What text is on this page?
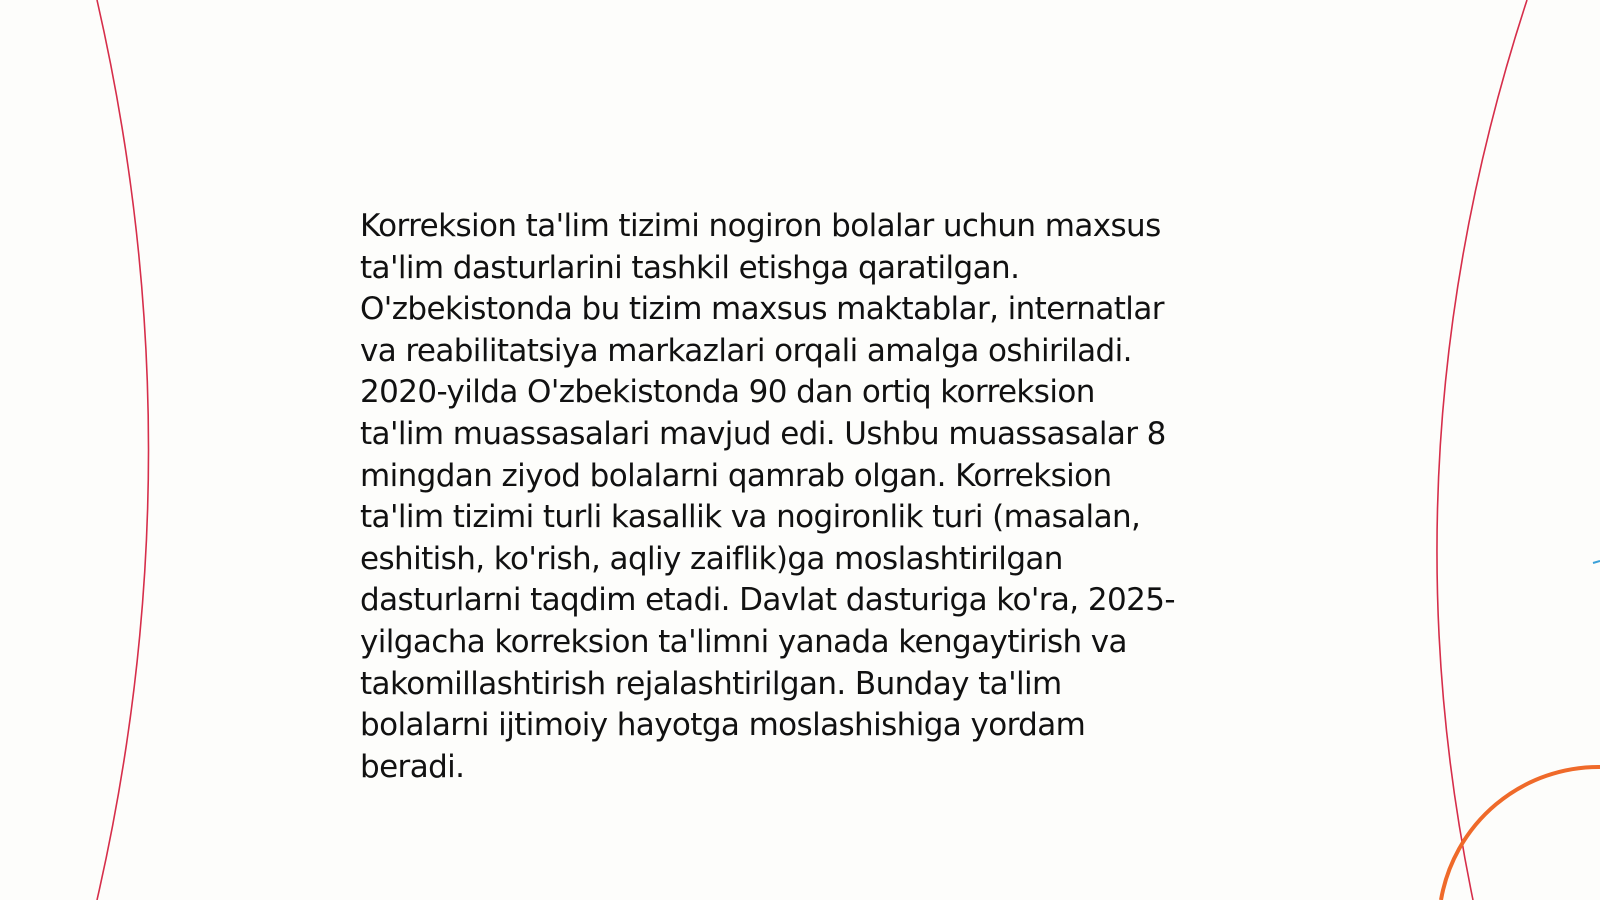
Korreksion ta'lim tizimi nogiron bolalar uchun maxsus
ta'lim dasturlarini tashkil etishga qaratilgan.
O'zbekistonda bu tizim maxsus maktablar, internatlar
va reabilitatsiya markazlari orqali amalga oshiriladi.
2020-yilda O'zbekistonda 90 dan ortiq korreksion
ta'lim muassasalari mavjud edi. Ushbu muassasalar 8
mingdan ziyod bolalarni qamrab olgan. Korreksion
ta'lim tizimi turli kasallik va nogironlik turi (masalan,
eshitish, ko'rish, aqliy zaiflik)ga moslashtirilgan
dasturlarni taqdim etadi. Davlat dasturiga ko'ra, 2025-
yilgacha korreksion ta'limni yanada kengaytirish va
takomillashtirish rejalashtirilgan. Bunday ta'lim
bolalarni ijtimoiy hayotga moslashishiga yordam
beradi.
